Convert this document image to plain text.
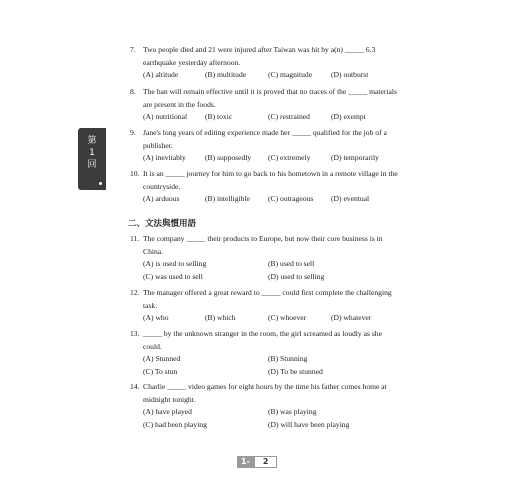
第
1
回
7. Two people died and 21 were injured after Taiwan was hit by a(n) _____ 6.3 earthquake yesterday afternoon.
(A) altitude	(B) multitude	(C) magnitude (D) outburst
8. The ban will remain effective until it is proved that no traces of the _____ materials are present in the foods.
(A) nutritional (B) toxic	(C) restrained	(D) exempt
9. Jane's long years of editing experience made her _____ qualified for the job of a publisher.
(A) inevitably	(B) supposedly (C) extremely	(D) temporarily
10. It is an _____ journey for him to go back to his hometown in a remote village in the countryside.
(A) arduous	(B) intelligible (C) outrageous (D) eventual
二、文法與慣用語
11. The company _____ their products to Europe, but now their core business is in China.
(A) is used to selling	(B) used to sell
(C) was used to sell	(D) used to selling
12. The manager offered a great reward to _____ could first complete the challenging task.
(A) who	(B) which	(C) whoever	(D) whatever
13. _____ by the unknown stranger in the room, the girl screamed as loudly as she could.
(A) Stunned	(B) Stunning
(C) To stun	(D) To be stunned
14. Charlie _____ video games for eight hours by the time his father comes home at midnight tonight.
(A) have played	(B) was playing
(C) had been playing	(D) will have been playing
1-	2
